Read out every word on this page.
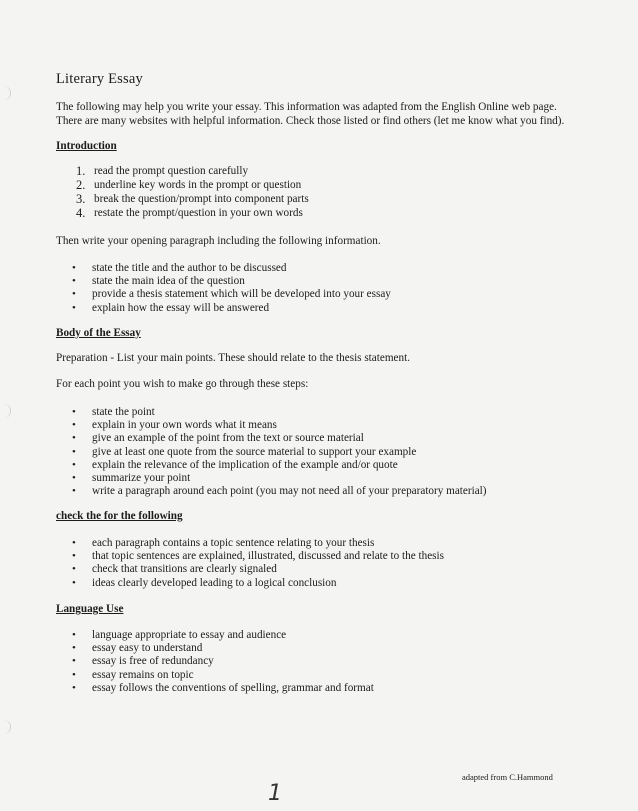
Literary Essay
The following may help you write your essay. This information was adapted from the English Online web page.
There are many websites with helpful information. Check those listed or find others (let me know what you find).
Introduction
1. read the prompt question carefully
2. underline key words in the prompt or question
3. break the question/prompt into component parts
4. restate the prompt/question in your own words
Then write your opening paragraph including the following information.
state the title and the author to be discussed
state the main idea of the question
provide a thesis statement which will be developed into your essay
explain how the essay will be answered
Body of the Essay
Preparation - List your main points. These should relate to the thesis statement.
For each point you wish to make go through these steps:
state the point
explain in your own words what it means
give an example of the point from the text or source material
give at least one quote from the source material to support your example
explain the relevance of the implication of the example and/or quote
summarize your point
write a paragraph around each point (you may not need all of your preparatory material)
check the for the following
each paragraph contains a topic sentence relating to your thesis
that topic sentences are explained, illustrated, discussed and relate to the thesis
check that transitions are clearly signaled
ideas clearly developed leading to a logical conclusion
Language Use
language appropriate to essay and audience
essay easy to understand
essay is free of redundancy
essay remains on topic
essay follows the conventions of spelling, grammar and format
adapted from C.Hammond
1
